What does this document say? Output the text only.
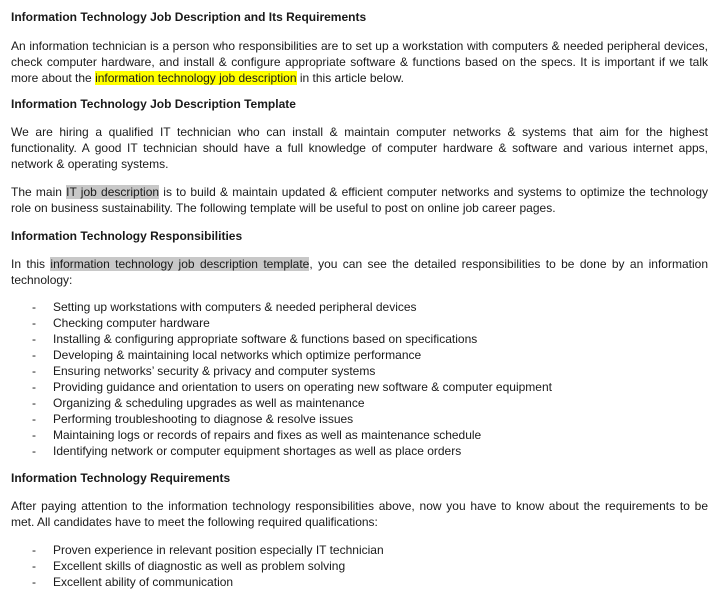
Information Technology Job Description and Its Requirements

An information technician is a person who responsibilities are to set up a workstation with computers & needed peripheral devices, check computer hardware, and install & configure appropriate software & functions based on the specs. It is important if we talk more about the information technology job description in this article below.

Information Technology Job Description Template

We are hiring a qualified IT technician who can install & maintain computer networks & systems that aim for the highest functionality. A good IT technician should have a full knowledge of computer hardware & software and various internet apps, network & operating systems.

The main IT job description is to build & maintain updated & efficient computer networks and systems to optimize the technology role on business sustainability. The following template will be useful to post on online job career pages.

Information Technology Responsibilities

In this information technology job description template, you can see the detailed responsibilities to be done by an information technology:

- Setting up workstations with computers & needed peripheral devices
- Checking computer hardware
- Installing & configuring appropriate software & functions based on specifications
- Developing & maintaining local networks which optimize performance
- Ensuring networks’ security & privacy and computer systems
- Providing guidance and orientation to users on operating new software & computer equipment
- Organizing & scheduling upgrades as well as maintenance
- Performing troubleshooting to diagnose & resolve issues
- Maintaining logs or records of repairs and fixes as well as maintenance schedule
- Identifying network or computer equipment shortages as well as place orders
Information Technology Requirements

After paying attention to the information technology responsibilities above, now you have to know about the requirements to be met. All candidates have to meet the following required qualifications:

- Proven experience in relevant position especially IT technician
- Excellent skills of diagnostic as well as problem solving
- Excellent ability of communication
